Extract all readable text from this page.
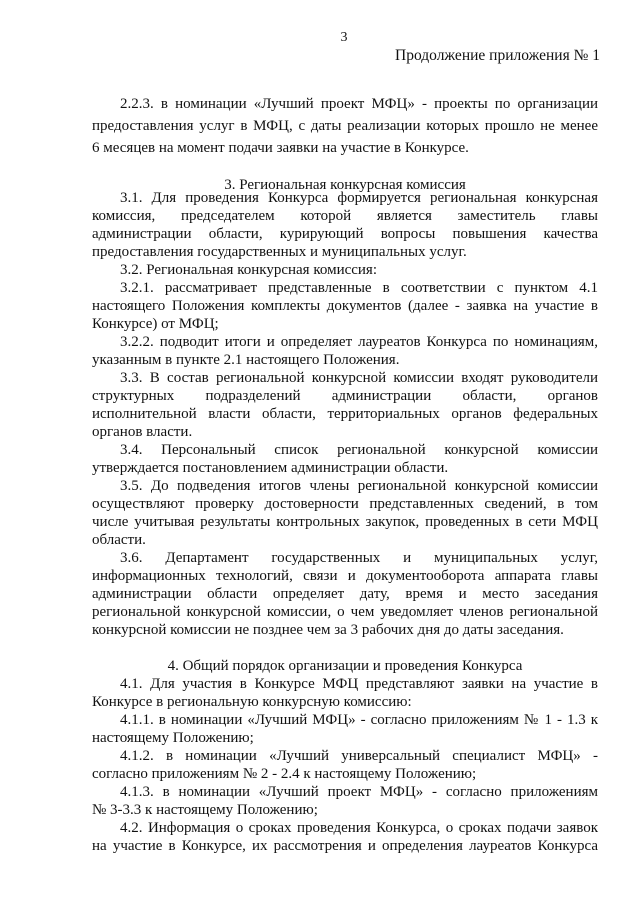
3
Продолжение приложения № 1
2.2.3. в номинации «Лучший проект МФЦ» - проекты по организации
предоставления услуг в МФЦ, с даты реализации которых прошло не менее
6 месяцев на момент подачи заявки на участие в Конкурсе.
3. Региональная конкурсная комиссия
3.1. Для проведения Конкурса формируется региональная конкурсная
комиссия, председателем которой является заместитель главы
администрации области, курирующий вопросы повышения качества
предоставления государственных и муниципальных услуг.
3.2. Региональная конкурсная комиссия:
3.2.1. рассматривает представленные в соответствии с пунктом 4.1
настоящего Положения комплекты документов (далее - заявка на участие в
Конкурсе) от МФЦ;
3.2.2. подводит итоги и определяет лауреатов Конкурса по номинациям,
указанным в пункте 2.1 настоящего Положения.
3.3. В состав региональной конкурсной комиссии входят руководители
структурных подразделений администрации области, органов
исполнительной власти области, территориальных органов федеральных
органов власти.
3.4. Персональный список региональной конкурсной комиссии
утверждается постановлением администрации области.
3.5. До подведения итогов члены региональной конкурсной комиссии
осуществляют проверку достоверности представленных сведений, в том
числе учитывая результаты контрольных закупок, проведенных в сети МФЦ
области.
3.6. Департамент государственных и муниципальных услуг,
информационных технологий, связи и документооборота аппарата главы
администрации области определяет дату, время и место заседания
региональной конкурсной комиссии, о чем уведомляет членов региональной
конкурсной комиссии не позднее чем за 3 рабочих дня до даты заседания.
4. Общий порядок организации и проведения Конкурса
4.1. Для участия в Конкурсе МФЦ представляют заявки на участие в
Конкурсе в региональную конкурсную комиссию:
4.1.1. в номинации «Лучший МФЦ» - согласно приложениям № 1 - 1.3 к
настоящему Положению;
4.1.2. в номинации «Лучший универсальный специалист МФЦ» -
согласно приложениям № 2 - 2.4 к настоящему Положению;
4.1.3. в номинации «Лучший проект МФЦ» - согласно приложениям
№ 3-3.3 к настоящему Положению;
4.2. Информация о сроках проведения Конкурса, о сроках подачи заявок
на участие в Конкурсе, их рассмотрения и определения лауреатов Конкурса
